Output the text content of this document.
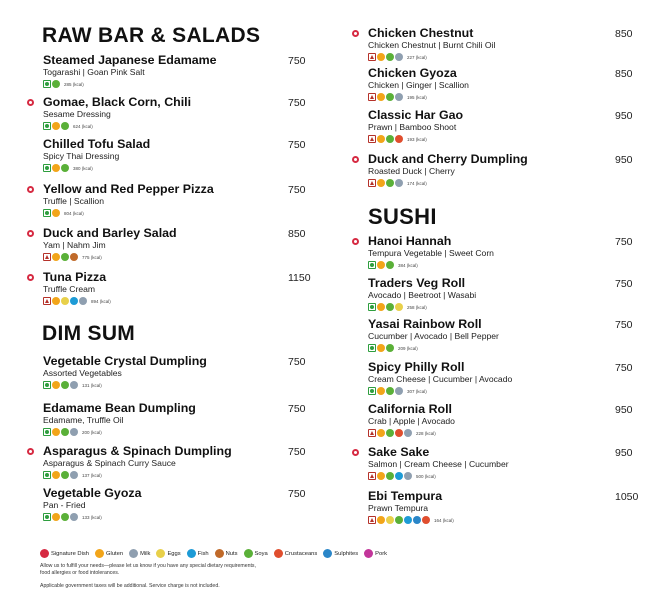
RAW BAR & SALADS
Steamed Japanese Edamame
Togarashi | Goan Pink Salt
285 (kcal)
750
Gomae, Black Corn, Chili
Sesame Dressing
624 (kcal)
750
Chilled Tofu Salad
Spicy Thai Dressing
380 (kcal)
750
Yellow and Red Pepper Pizza
Truffle | Scallion
804 (kcal)
750
Duck and Barley Salad
Yam | Nahm Jim
775 (kcal)
850
Tuna Pizza
Truffle Cream
894 (kcal)
1150
DIM SUM
Vegetable Crystal Dumpling
Assorted Vegetables
131 (kcal)
750
Edamame Bean Dumpling
Edamame, Truffle Oil
200 (kcal)
750
Asparagus & Spinach Dumpling
Asparagus & Spinach Curry Sauce
137 (kcal)
750
Vegetable Gyoza
Pan - Fried
133 (kcal)
750
Chicken Chestnut
Chicken Chestnut | Burnt Chili Oil
227 (kcal)
850
Chicken Gyoza
Chicken | Ginger | Scallion
195 (kcal)
850
Classic Har Gao
Prawn | Bamboo Shoot
193 (kcal)
950
Duck and Cherry Dumpling
Roasted Duck | Cherry
174 (kcal)
950
SUSHI
Hanoi Hannah
Tempura Vegetable | Sweet Corn
384 (kcal)
750
Traders Veg Roll
Avocado | Beetroot | Wasabi
258 (kcal)
750
Yasai Rainbow Roll
Cucumber | Avocado | Bell Pepper
209 (kcal)
750
Spicy Philly Roll
Cream Cheese | Cucumber | Avocado
307 (kcal)
750
California Roll
Crab | Apple | Avocado
228 (kcal)
950
Sake Sake
Salmon | Cream Cheese | Cucumber
500 (kcal)
950
Ebi Tempura
Prawn Tempura
164 (kcal)
1050
Signature Dish	Gluten	Milk	Eggs	Fish	Nuts	Soya	Crustaceans	Sulphites	Pork
Allow us to fulfill your needs—please let us know if you have any special dietary requirements,
food allergies or food intolerances.
Applicable government taxes will be additional. Service charge is not included.
